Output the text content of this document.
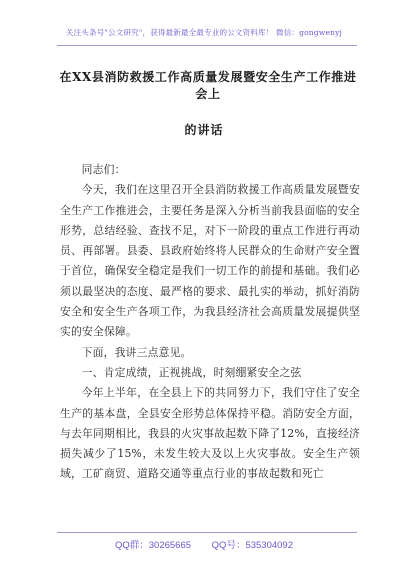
关注头条号"公文研究"，获得最新最全最专业的公文资料库！ 微信：gongwenyj
在XX县消防救援工作高质量发展暨安全生产工作推进会上
的讲话

同志们：

今天，我们在这里召开全县消防救援工作高质量发展暨安全生产工作推进会，主要任务是深入分析当前我县面临的安全形势，总结经验、查找不足，对下一阶段的重点工作进行再动员、再部署。县委、县政府始终将人民群众的生命财产安全置于首位，确保安全稳定是我们一切工作的前提和基础。我们必须以最坚决的态度、最严格的要求、最扎实的举动，抓好消防安全和安全生产各项工作，为我县经济社会高质量发展提供坚实的安全保障。

下面，我讲三点意见。

一、肯定成绩，正视挑战，时刻绷紧安全之弦

今年上半年，在全县上下的共同努力下，我们守住了安全生产的基本盘，全县安全形势总体保持平稳。消防安全方面，与去年同期相比，我县的火灾事故起数下降了12%，直接经济损失减少了15%，未发生较大及以上火灾事故。安全生产领域，工矿商贸、道路交通等重点行业的事故起数和死亡

QQ群：30265665 QQ号：535304092
